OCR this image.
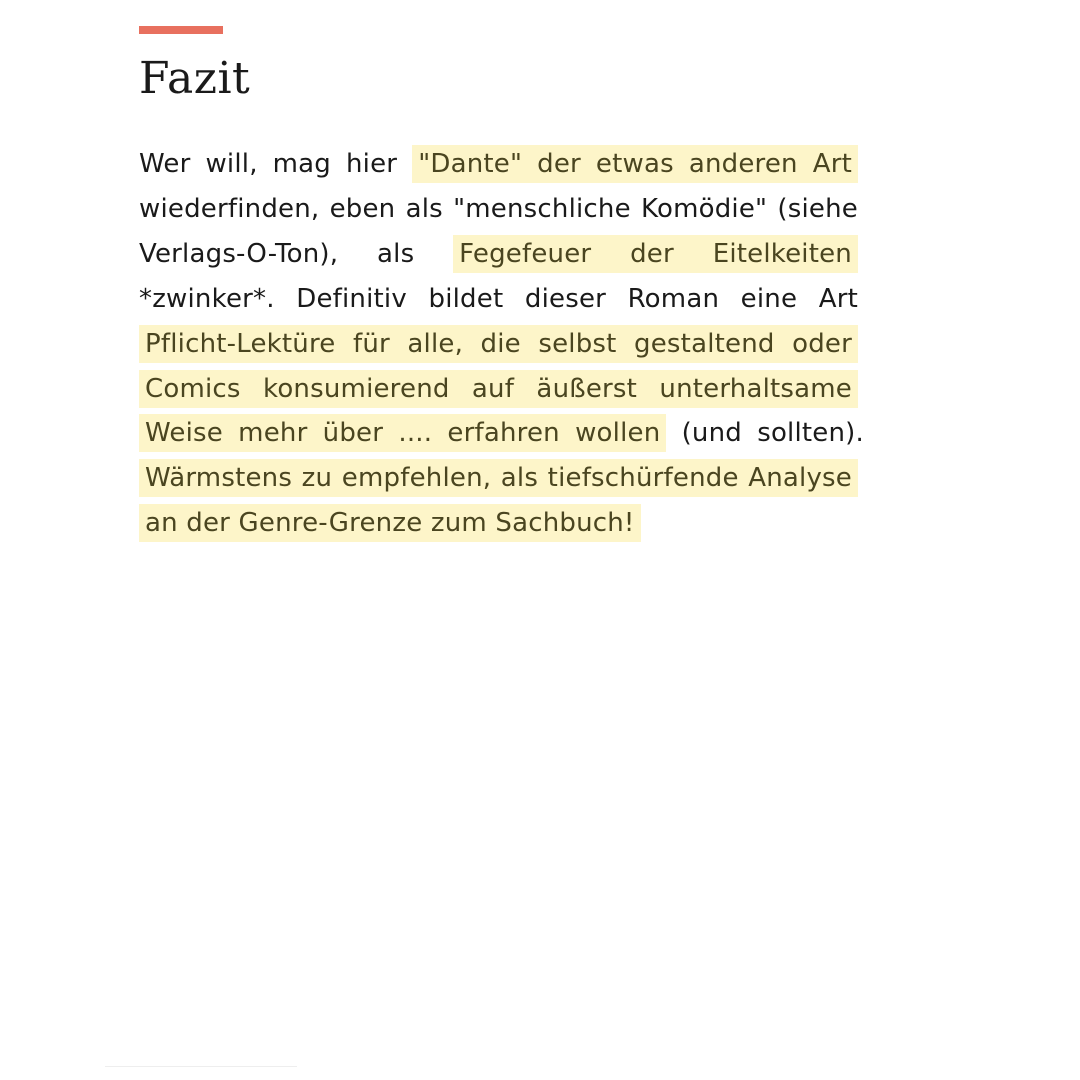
Fazit

Wer will, mag hier "Dante" der etwas anderen Art wiederfinden, eben als "menschliche Komödie" (siehe Verlags-O-Ton), als Fegefeuer der Eitelkeiten *zwinker*. Definitiv bildet dieser Roman eine Art Pflicht-Lektüre für alle, die selbst gestaltend oder Comics konsumierend auf äußerst unterhaltsame Weise mehr über .... erfahren wollen (und sollten). Wärmstens zu empfehlen, als tiefschürfende Analyse an der Genre-Grenze zum Sachbuch!
